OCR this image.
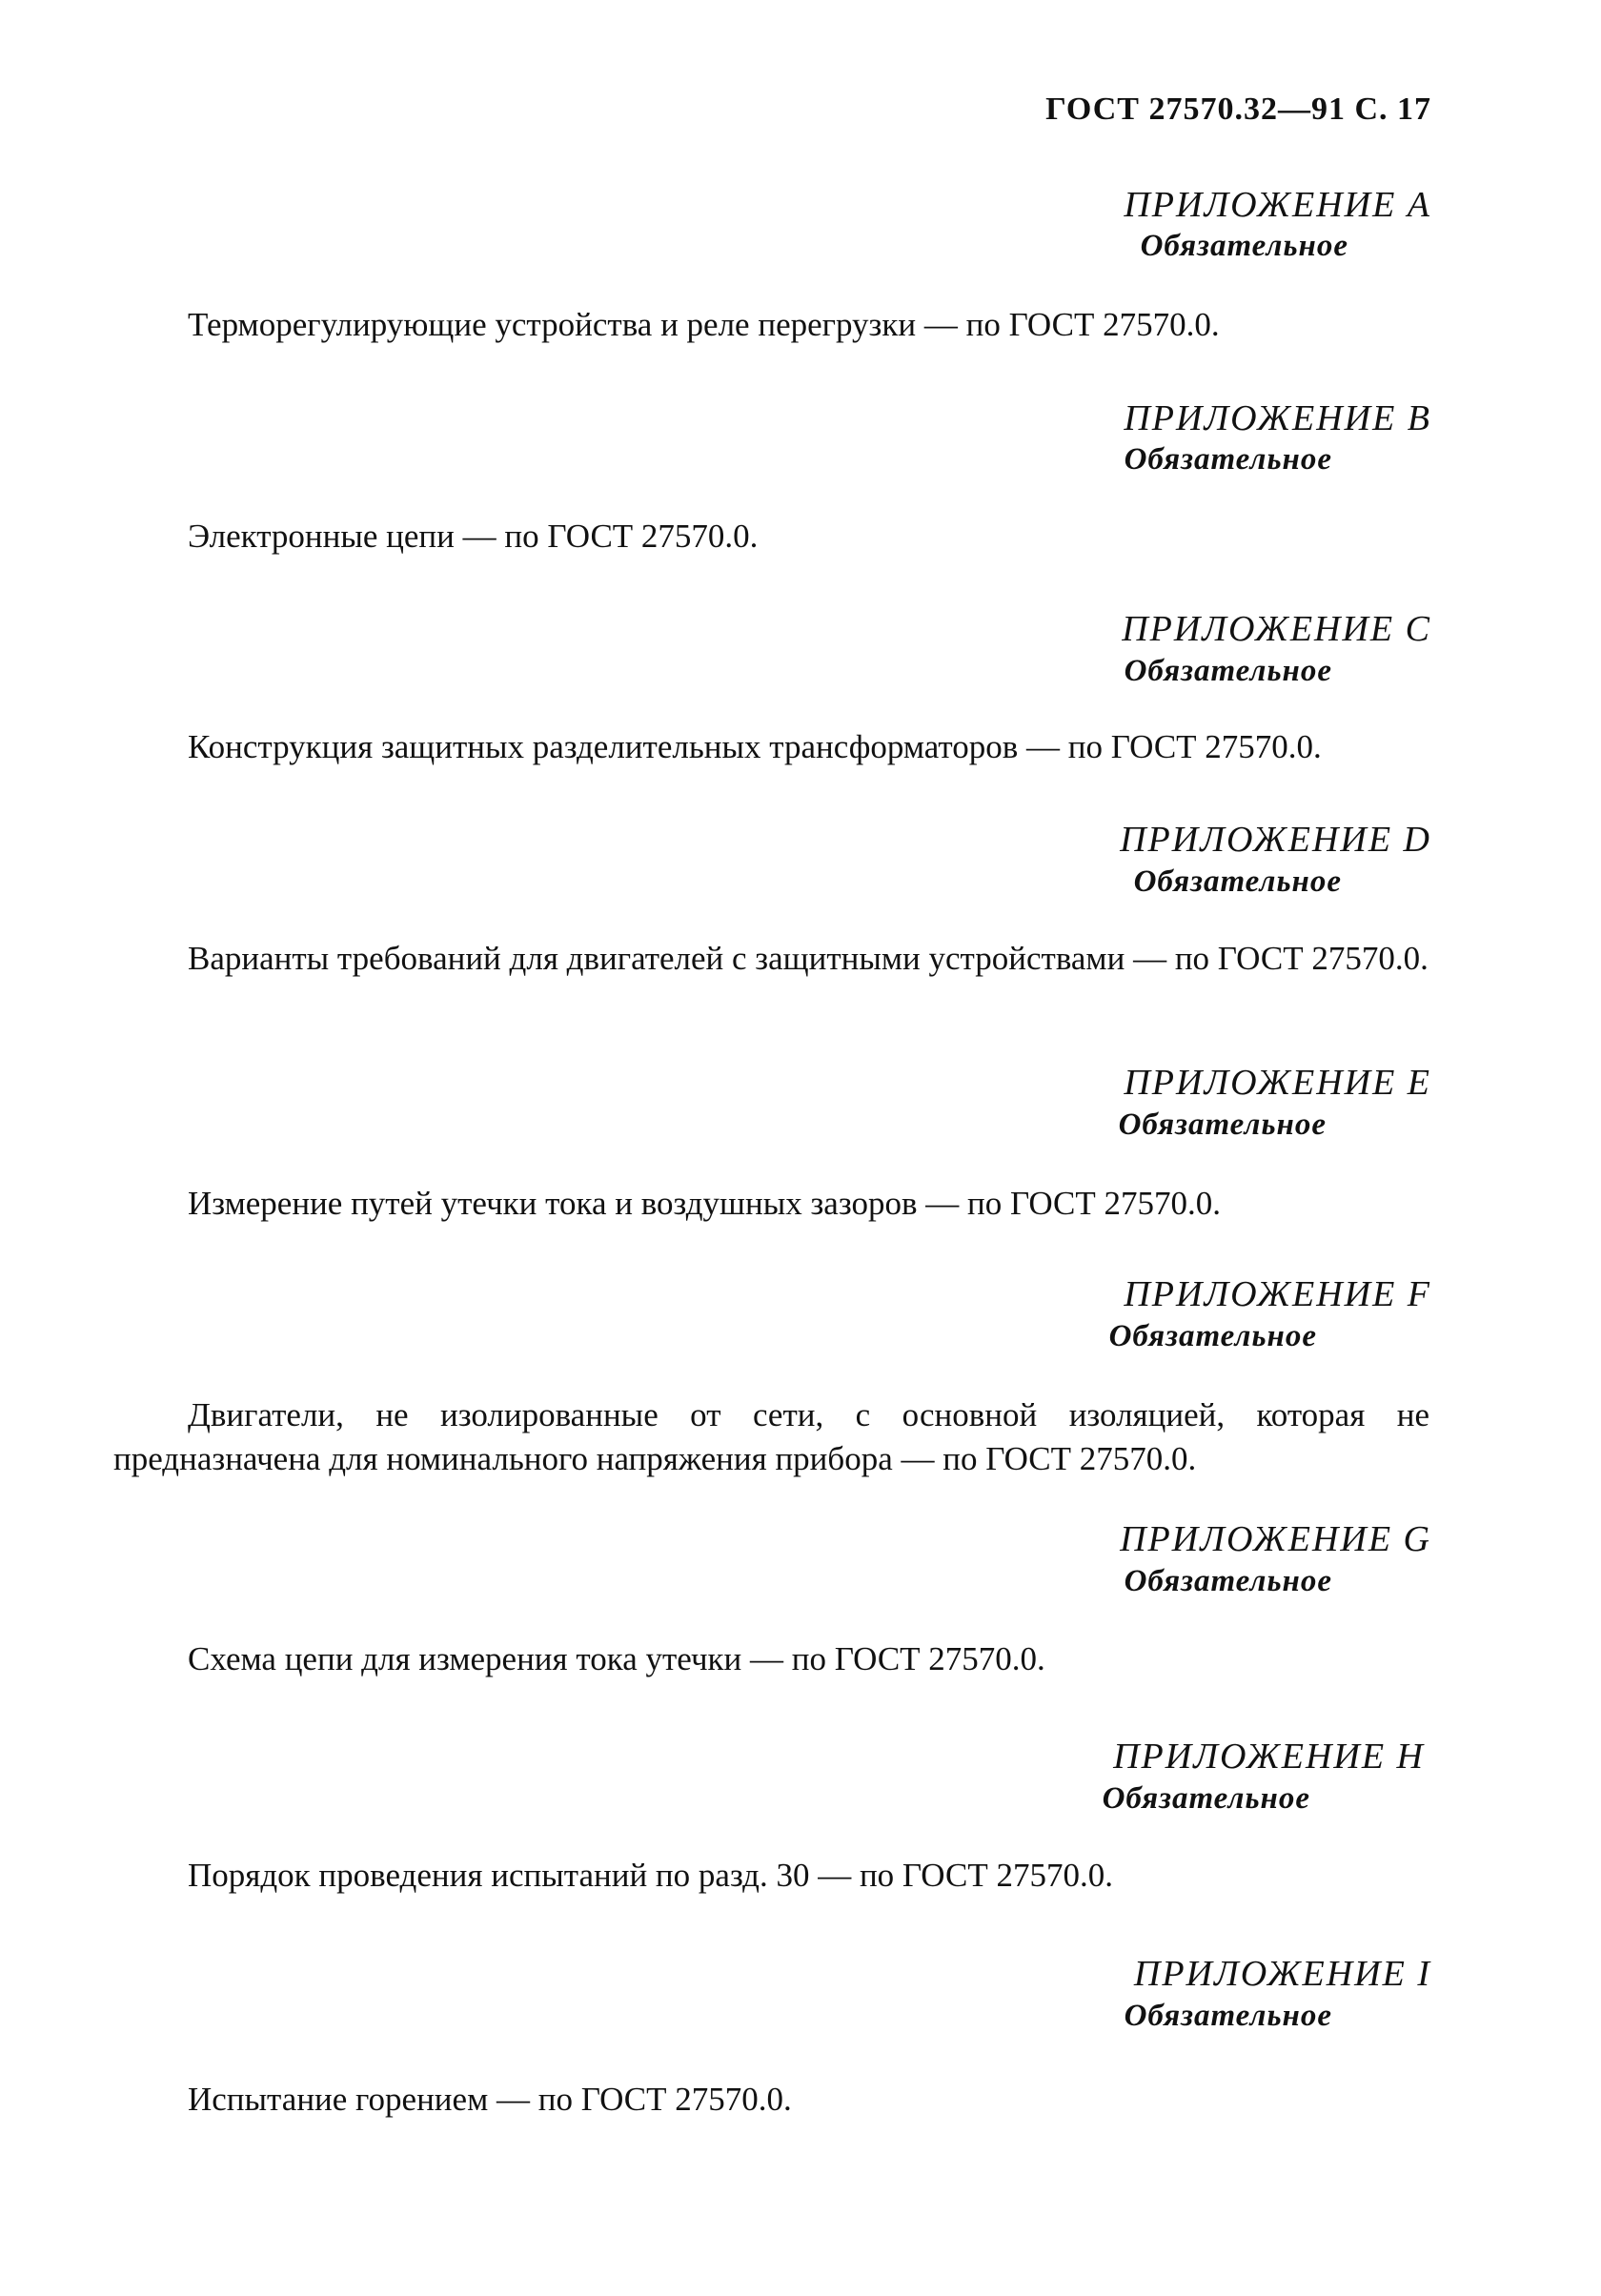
ГОСТ 27570.32—91 С. 17
ПРИЛОЖЕНИЕ А
Обязательное
Терморегулирующие устройства и реле перегрузки — по ГОСТ 27570.0.
ПРИЛОЖЕНИЕ В
Обязательное
Электронные цепи — по ГОСТ 27570.0.
ПРИЛОЖЕНИЕ С
Обязательное
Конструкция защитных разделительных трансформаторов — по ГОСТ 27570.0.
ПРИЛОЖЕНИЕ D
Обязательное
Варианты требований для двигателей с защитными устройствами — по ГОСТ 27570.0.
ПРИЛОЖЕНИЕ Е
Обязательное
Измерение путей утечки тока и воздушных зазоров — по ГОСТ 27570.0.
ПРИЛОЖЕНИЕ F
Обязательное
Двигатели, не изолированные от сети, с основной изоляцией, которая не предназначена для номинального напряжения прибора — по ГОСТ 27570.0.
ПРИЛОЖЕНИЕ G
Обязательное
Схема цепи для измерения тока утечки — по ГОСТ 27570.0.
ПРИЛОЖЕНИЕ Н
Обязательное
Порядок проведения испытаний по разд. 30 — по ГОСТ 27570.0.
ПРИЛОЖЕНИЕ I
Обязательное
Испытание горением — по ГОСТ 27570.0.
